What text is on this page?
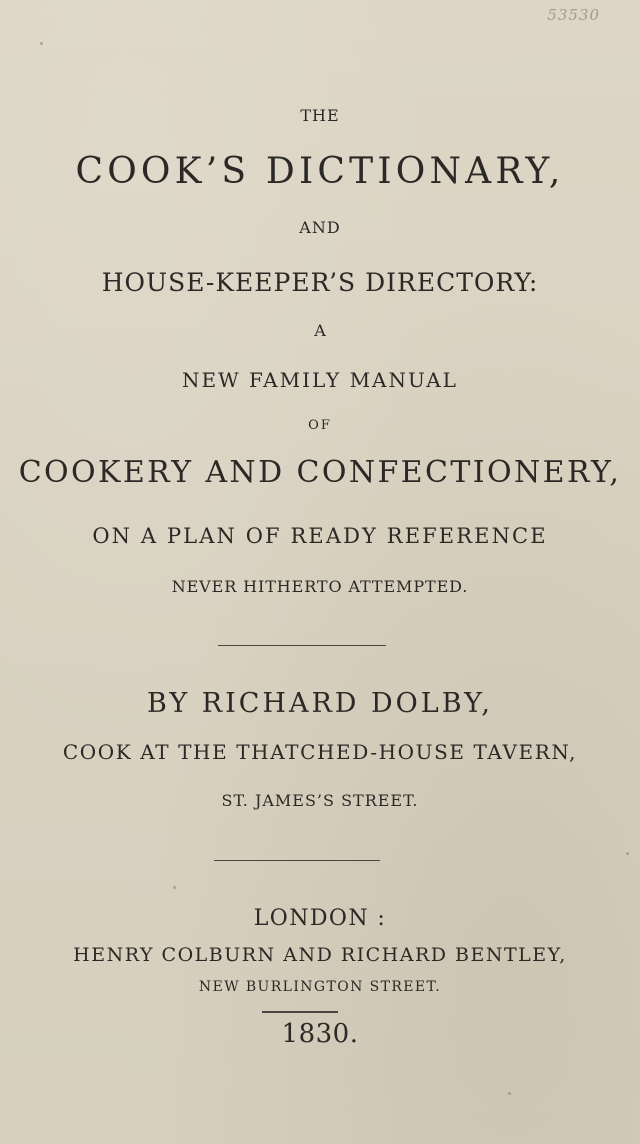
53530
THE
COOK’S DICTIONARY,
AND
HOUSE-KEEPER’S DIRECTORY:
A
NEW FAMILY MANUAL
OF
COOKERY AND CONFECTIONERY,
ON A PLAN OF READY REFERENCE
NEVER HITHERTO ATTEMPTED.
BY RICHARD DOLBY,
COOK AT THE THATCHED-HOUSE TAVERN,
ST. JAMES’S STREET.
LONDON :
HENRY COLBURN AND RICHARD BENTLEY,
NEW BURLINGTON STREET.
1830.
